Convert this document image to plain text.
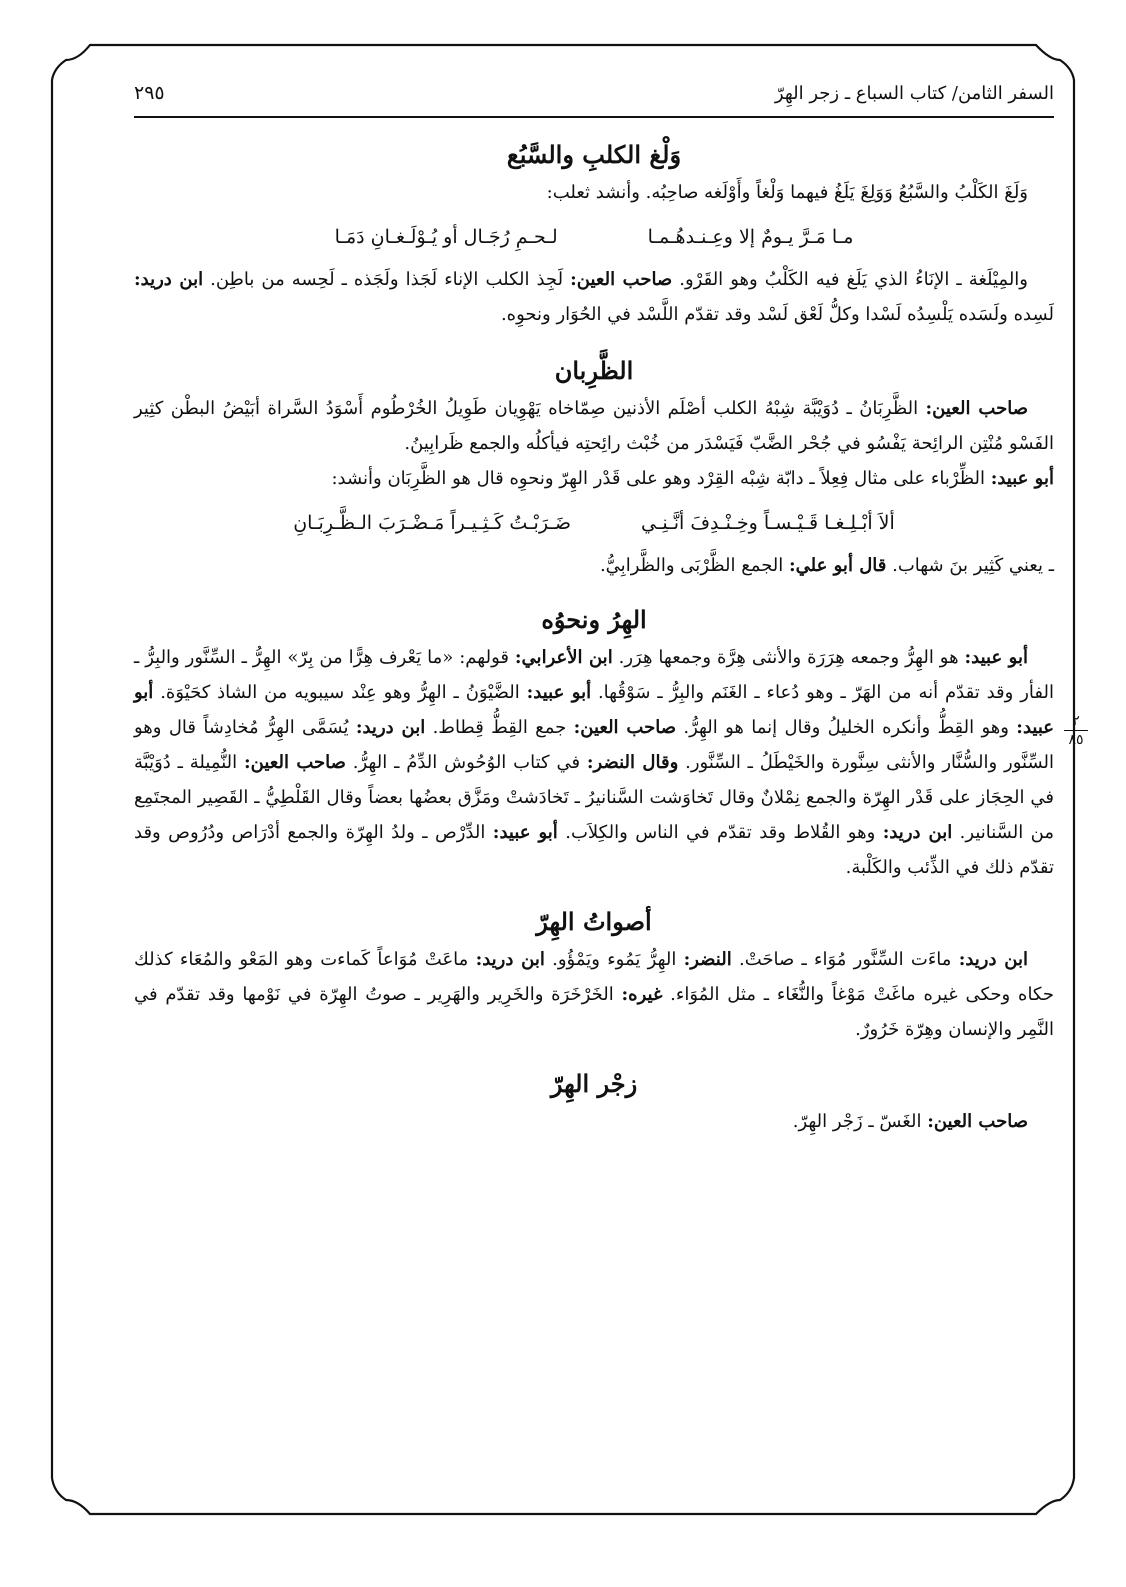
السفر الثامن/ كتاب السباع ـ زجر الهِرّ
٢٩٥
وَلْغ الكلبِ والسَّبُع

وَلَغَ الكَلْبُ والسَّبُعُ وَوَلِغَ يَلَغُ فيهما وَلْغاً وأَوْلَغه صاحِبُه. وأنشد ثعلب:

مـا مَـرَّ يـومٌ إلا وعِـنـدهُـمـا
لـحـمِ رُجَـال أو يُـوْلَـغـانِ دَمَـا

والمِيْلَغة ـ الإنَاءُ الذي يَلَغ فيه الكَلْبُ وهو القَرْو. صاحب العين: لَجِذ الكلب الإناء لَجَذا ولَجَذه ـ لَحِسه من باطِن. ابن دريد: لَسِده ولَسَده يَلْسِدُه لَسْدا وكلُّ لَعْق لَسْد وقد تقدّم اللَّسْد في الحُوَار ونحوِه.

الظَّرِبان

صاحب العين: الظَّرِبَانُ ـ دُوَيْبَّة شِبْهُ الكلب أصْلَم الأذنين صِمّاخاه يَهْوِيان طَوِيلُ الخُرْطُوم أَسْوَدُ السَّراة أبَيْضُ البطْن كثِير الفَسْو مُنْتِن الرائِحة يَفْسُو في جُحْر الضَّبّ فَيَسْدَر من خُبْث رائِحتِه فيأكلُه والجمع ظَرابِينُ.

أبو عبيد: الظِّرْباء على مثال فِعِلاً ـ دابّة شِبْه القِرْد وهو على قَدْر الهِرّ ونحوِه قال هو الظَّرِبَان وأنشد:

ألاَ أبْـلِـغـا قَـيْـسـاً وخِـنْـدِفَ أنَّـنِـي
ضَـرَبْـتُ كَـثِـيـراً مَـضْـرَبَ الـظَّـرِبَـانِ

ـ يعني كَثِير بنَ شهاب. قال أبو علي: الجمع الظَّرْبَى والظَّرابِيُّ.

الهِرُ ونحوُه
٢
٨٥

أبو عبيد: هو الهِرُّ وجمعه هِرَرَة والأنثى هِرَّة وجمعها هِرَر. ابن الأعرابي: قولهم: «ما يَعْرف هِرًّا من بِرّ» الهِرُّ ـ السِّنَّور والبِرُّ ـ الفأر وقد تقدّم أنه من الهَرّ ـ وهو دُعاء ـ الغَنَم والبِرُّ ـ سَوْقُها. أبو عبيد: الضَّيْوَنُ ـ الهِرُّ وهو عِنْد سيبويه من الشاذ كحَيْوَة. أبو عبيد: وهو القِطُّ وأنكره الخليلُ وقال إنما هو الهِرُّ. صاحب العين: جمع القِطُّ قِطاط. ابن دريد: يُسَمَّى الهِرُّ مُخادِشاً قال وهو السِّنَّور والسُّنَّار والأنثى سِنَّورة والخَيْطَلُ ـ السِّنَّور. وقال النضر: في كتاب الوُحُوش الدِّمُ ـ الهِرُّ. صاحب العين: النُّمِيلة ـ دُوَيْبَّة في الحِجَاز على قَدْر الهِرّة والجمع نِمْلانٌ وقال تَخاوَشت السَّنانيرُ ـ تَخادَشتْ ومَزَّق بعضُها بعضاً وقال القَلْطِيُّ ـ القَصِير المجتَمِع من السَّنانير. ابن دريد: وهو القُلاط وقد تقدّم في الناس والكِلاَب. أبو عبيد: الدِّرْص ـ ولدُ الهِرّة والجمع أدْرَاص ودُرُوص وقد تقدّم ذلك في الذِّئب والكَلْبة.

أصواتُ الهِرّ

ابن دريد: ماءَت السِّنَّور مُوَاء ـ صاحَتْ. النضر: الهِرُّ يَمُوء ويَمْؤُو. ابن دريد: ماعَتْ مُوَاعاً كَماءت وهو المَعْو والمُعَاء كذلك حكاه وحكى غيره ماغَتْ مَوْغاً والنُّغَاء ـ مثل المُوَاء. غيره: الخَرْخَرَة والخَرِير والهَرِير ـ صوتُ الهِرّة في نَوْمها وقد تقدّم في النَّمِر والإنسان وهِرّة خَرُورٌ.

زجْر الهِرّ

صاحب العين: الغَسّ ـ زَجْر الهِرّ.
